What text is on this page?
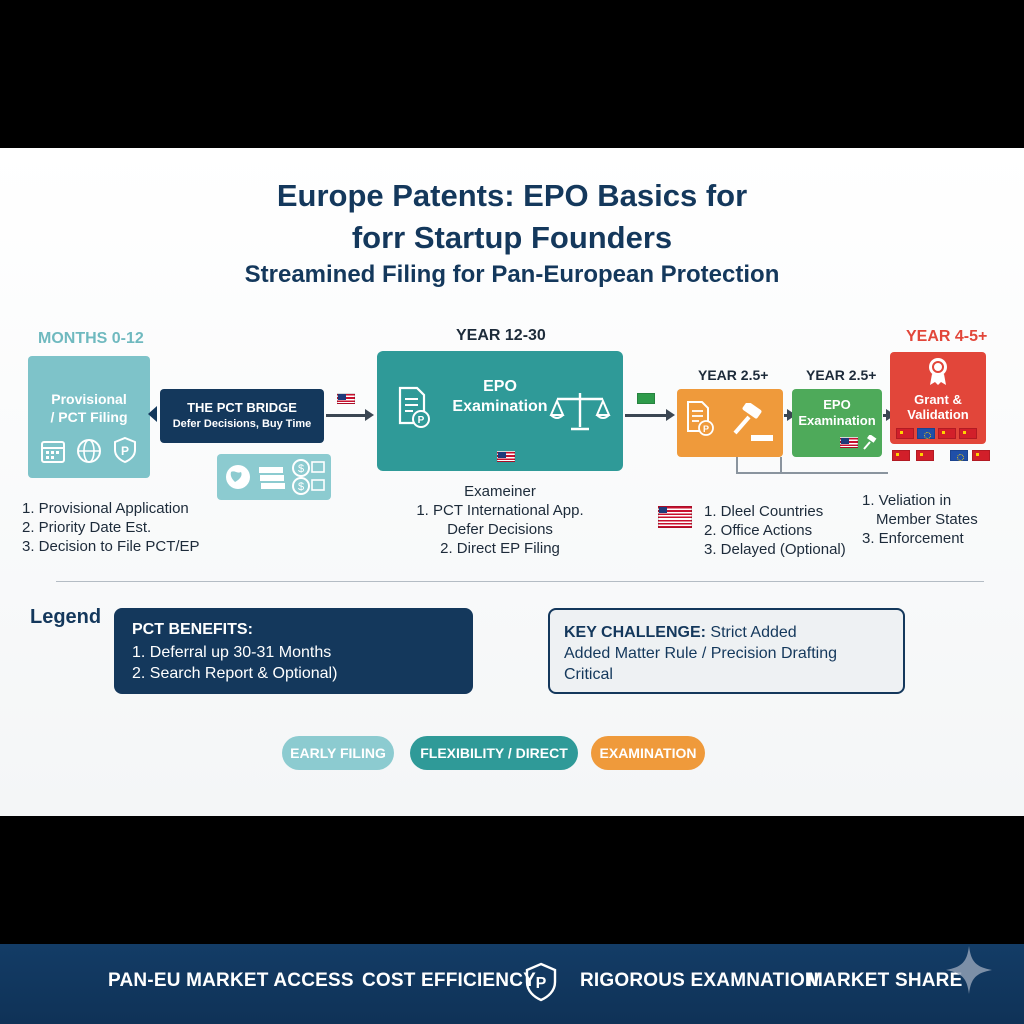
Europe Patents: EPO Basics for
forr Startup Founders
Streamined Filing for Pan-European Protection
MONTHS 0-12	YEAR 12-30
YEAR 2.5+	YEAR 2.5+
YEAR 4-5+
Provisional
/ PCT Filing
P
THE PCT BRIDGE
Defer Decisions, Buy Time
$
$
EPO
Examination
P
P
EPO
Examination
Grant &
Validation
1. Provisional Application
2. Priority Date Est.
3. Decision to File PCT/EP
Exameiner
1. PCT International App.
Defer Decisions
2. Direct EP Filing
1. Dleel Countries
2. Office Actions
3. Delayed (Optional)
1. Veliation in
Member States
3. Enforcement
Legend
PCT BENEFITS:
1. Deferral up 30-31 Months
2. Search Report & Optional)
KEY CHALLENGE: Strict Added
Added Matter Rule / Precision Drafting
Critical
EARLY FILING	FLEXIBILITY / DIRECT	EXAMINATION
PAN-EU MARKET ACCESS COST EFFICIENCY P RIGOROUS EXAMNATION
MARKET SHARE
